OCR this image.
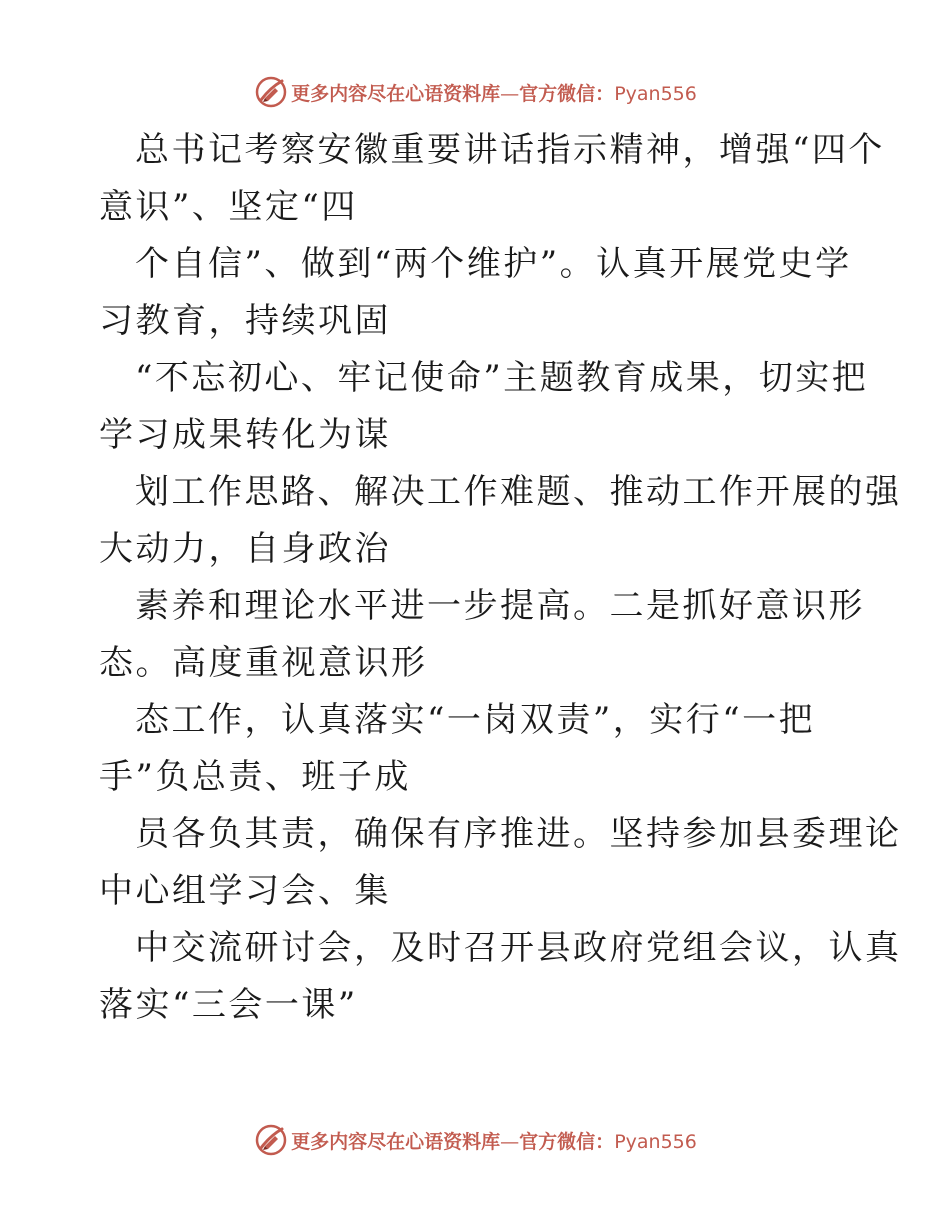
更多内容尽在心语资料库—官方微信：Pyan556
总书记考察安徽重要讲话指示精神，增强“四个
意识”、坚定“四
个自信”、做到“两个维护”。认真开展党史学
习教育，持续巩固
“不忘初心、牢记使命”主题教育成果，切实把
学习成果转化为谋
划工作思路、解决工作难题、推动工作开展的强
大动力，自身政治
素养和理论水平进一步提高。二是抓好意识形
态。高度重视意识形
态工作，认真落实“一岗双责”，实行“一把
手”负总责、班子成
员各负其责，确保有序推进。坚持参加县委理论
中心组学习会、集
中交流研讨会，及时召开县政府党组会议，认真
落实“三会一课”
更多内容尽在心语资料库—官方微信：Pyan556
